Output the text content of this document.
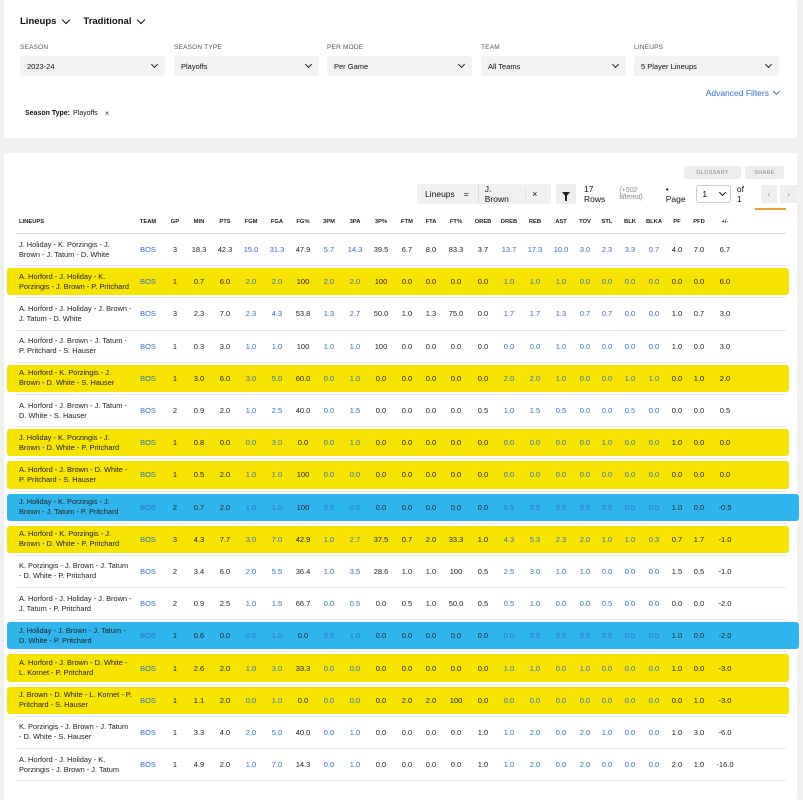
Lineups	Traditional
SEASON
2023-24
SEASON TYPE
Playoffs
PER MODE
Per Game
TEAM
All Teams
LINEUPS
5 Player Lineups
Advanced Filters
Season Type: Playoffs ×
GLOSSARY	SHARE
Lineups =	J. Brown	×	17 Rows
(+502 filtered)
• Page	1	of 1	‹	›
LINEUPS	TEAM	GP	MIN	PTS	FGM	FGA	FG%	3PM	3PA	3P%	FTM	FTA	FT%	OREB	DREB	REB	AST	TOV	STL	BLK	BLKA	PF	PFD	+/-
J. Holiday - K. Porzingis - J. Brown - J. Tatum - D. White	BOS	3	18.3	42.3	15.0	31.3	47.9	5.7	14.3	39.5	6.7	8.0	83.3	3.7	13.7	17.3	10.0	3.0	2.3	3.3	0.7	4.0	7.0	6.7
A. Horford - J. Holiday - K. Porzingis - J. Brown - P. Pritchard	BOS	1	0.7	6.0	2.0	2.0	100	2.0	2.0	100	0.0	0.0	0.0	0.0	1.0	1.0	1.0	0.0	0.0	0.0	0.0	0.0	0.0	6.0
A. Horford - J. Holiday - J. Brown - J. Tatum - D. White	BOS	3	2.3	7.0	2.3	4.3	53.8	1.3	2.7	50.0	1.0	1.3	75.0	0.0	1.7	1.7	1.3	0.7	0.7	0.0	0.0	1.0	0.7	3.0
A. Horford - J. Brown - J. Tatum - P. Pritchard - S. Hauser	BOS	1	0.3	3.0	1.0	1.0	100	1.0	1.0	100	0.0	0.0	0.0	0.0	0.0	0.0	1.0	0.0	0.0	0.0	0.0	1.0	0.0	3.0
A. Horford - K. Porzingis - J. Brown - D. White - S. Hauser	BOS	1	3.0	6.0	3.0	5.0	60.0	0.0	1.0	0.0	0.0	0.0	0.0	0.0	2.0	2.0	1.0	0.0	0.0	1.0	1.0	0.0	1.0	2.0
A. Horford - J. Brown - J. Tatum - D. White - S. Hauser	BOS	2	0.9	2.0	1.0	2.5	40.0	0.0	1.5	0.0	0.0	0.0	0.0	0.5	1.0	1.5	0.5	0.0	0.0	0.5	0.0	0.0	0.0	0.5
J. Holiday - K. Porzingis - J. Brown - D. White - P. Pritchard	BOS	1	0.8	0.0	0.0	3.0	0.0	0.0	1.0	0.0	0.0	0.0	0.0	0.0	0.0	0.0	0.0	0.0	1.0	0.0	0.0	1.0	0.0	0.0
A. Horford - J. Brown - D. White - P. Pritchard - S. Hauser	BOS	1	0.5	2.0	1.0	1.0	100	0.0	0.0	0.0	0.0	0.0	0.0	0.0	0.0	0.0	0.0	0.0	0.0	0.0	0.0	0.0	0.0	0.0
J. Holiday - K. Porzingis - J. Brown - J. Tatum - P. Pritchard	BOS	2	0.7	2.0	1.0	1.0	100	0.0	0.0	0.0	0.0	0.0	0.0	0.0	0.5	0.5	0.5	0.0	0.0	0.0	0.0	1.0	0.0	-0.5
A. Horford - K. Porzingis - J. Brown - D. White - P. Pritchard	BOS	3	4.3	7.7	3.0	7.0	42.9	1.0	2.7	37.5	0.7	2.0	33.3	1.0	4.3	5.3	2.3	2.0	1.0	1.0	0.3	0.7	1.7	-1.0
K. Porzingis - J. Brown - J. Tatum - D. White - P. Pritchard	BOS	2	3.4	6.0	2.0	5.5	36.4	1.0	3.5	28.6	1.0	1.0	100	0.5	2.5	3.0	1.0	1.0	0.0	0.0	0.0	1.5	0.5	-1.0
A. Horford - J. Holiday - J. Brown - J. Tatum - P. Pritchard	BOS	2	0.9	2.5	1.0	1.5	66.7	0.0	0.5	0.0	0.5	1.0	50.0	0.5	0.5	1.0	0.0	0.0	0.5	0.0	0.0	0.0	0.0	-2.0
J. Holiday - J. Brown - J. Tatum - D. White - P. Pritchard	BOS	1	0.6	0.0	0.0	1.0	0.0	0.0	1.0	0.0	0.0	0.0	0.0	0.0	0.0	0.0	0.0	0.0	0.0	0.0	0.0	1.0	0.0	-2.0
A. Horford - J. Brown - D. White - L. Kornet - P. Pritchard	BOS	1	2.6	2.0	1.0	3.0	33.3	0.0	0.0	0.0	0.0	0.0	0.0	0.0	1.0	1.0	0.0	1.0	0.0	0.0	0.0	1.0	0.0	-3.0
J. Brown - D. White - L. Kornet - P. Pritchard - S. Hauser	BOS	1	1.1	2.0	0.0	1.0	0.0	0.0	0.0	0.0	2.0	2.0	100	0.0	0.0	0.0	0.0	0.0	0.0	0.0	0.0	0.0	1.0	-3.0
K. Porzingis - J. Brown - J. Tatum - D. White - S. Hauser	BOS	1	3.3	4.0	2.0	5.0	40.0	0.0	1.0	0.0	0.0	0.0	0.0	1.0	1.0	2.0	0.0	2.0	1.0	0.0	0.0	1.0	3.0	-6.0
A. Horford - J. Holiday - K. Porzingis - J. Brown - J. Tatum	BOS	1	4.9	2.0	1.0	7.0	14.3	0.0	1.0	0.0	0.0	0.0	0.0	1.0	1.0	2.0	0.0	2.0	0.0	0.0	0.0	2.0	1.0	-16.0
